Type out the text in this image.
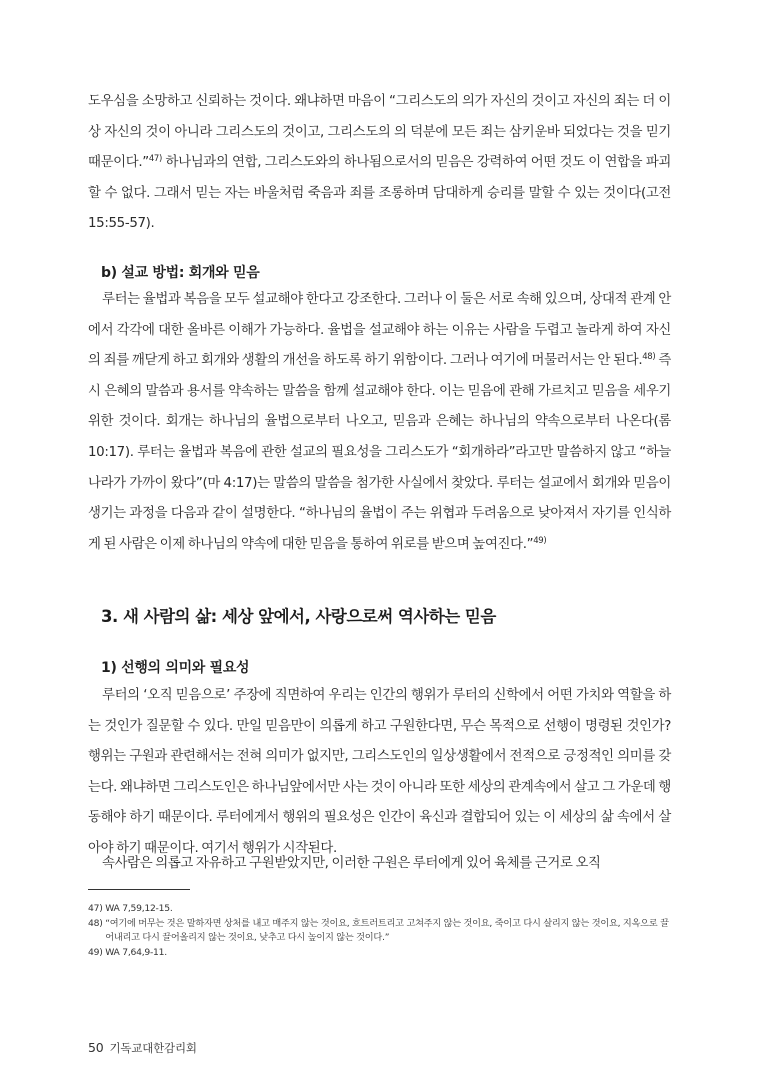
도우심을 소망하고 신뢰하는 것이다. 왜냐하면 마음이 “그리스도의 의가 자신의 것이고 자신의 죄는 더 이상 자신의 것이 아니라 그리스도의 것이고, 그리스도의 의 덕분에 모든 죄는 삼키운바 되었다는 것을 믿기 때문이다.”$^{47)}$ 하나님과의 연합, 그리스도와의 하나됨으로서의 믿음은 강력하여 어떤 것도 이 연합을 파괴할 수 없다. 그래서 믿는 자는 바울처럼 죽음과 죄를 조롱하며 담대하게 승리를 말할 수 있는 것이다(고전 15:55-57).

b) 설교 방법: 회개와 믿음

루터는 율법과 복음을 모두 설교해야 한다고 강조한다. 그러나 이 둘은 서로 속해 있으며, 상대적 관계 안에서 각각에 대한 올바른 이해가 가능하다. 율법을 설교해야 하는 이유는 사람을 두렵고 놀라게 하여 자신의 죄를 깨닫게 하고 회개와 생활의 개선을 하도록 하기 위함이다. 그러나 여기에 머물러서는 안 된다.$^{48)}$ 즉시 은혜의 말씀과 용서를 약속하는 말씀을 함께 설교해야 한다. 이는 믿음에 관해 가르치고 믿음을 세우기 위한 것이다. 회개는 하나님의 율법으로부터 나오고, 믿음과 은혜는 하나님의 약속으로부터 나온다(롬 10:17). 루터는 율법과 복음에 관한 설교의 필요성을 그리스도가 “회개하라”라고만 말씀하지 않고 “하늘나라가 가까이 왔다”(마 4:17)는 말씀의 말씀을 첨가한 사실에서 찾았다. 루터는 설교에서 회개와 믿음이 생기는 과정을 다음과 같이 설명한다. “하나님의 율법이 주는 위협과 두려움으로 낮아져서 자기를 인식하게 된 사람은 이제 하나님의 약속에 대한 믿음을 통하여 위로를 받으며 높여진다.”$^{49)}$

3. 새 사람의 삶: 세상 앞에서, 사랑으로써 역사하는 믿음
1) 선행의 의미와 필요성

루터의 ‘오직 믿음으로’ 주장에 직면하여 우리는 인간의 행위가 루터의 신학에서 어떤 가치와 역할을 하는 것인가 질문할 수 있다. 만일 믿음만이 의롭게 하고 구원한다면, 무슨 목적으로 선행이 명령된 것인가? 행위는 구원과 관련해서는 전혀 의미가 없지만, 그리스도인의 일상생활에서 전적으로 긍정적인 의미를 갖는다. 왜냐하면 그리스도인은 하나님앞에서만 사는 것이 아니라 또한 세상의 관계속에서 살고 그 가운데 행동해야 하기 때문이다. 루터에게서 행위의 필요성은 인간이 육신과 결합되어 있는 이 세상의 삶 속에서 살아야 하기 때문이다. 여기서 행위가 시작된다.

속사람은 의롭고 자유하고 구원받았지만, 이러한 구원은 루터에게 있어 육체를 근거로 오직

47)
WA 7,59,12-15.
48)
“여기에 머무는 것은 말하자면 상처를 내고 매주지 않는 것이요, 흐트러트리고 고쳐주지 않는 것이요, 죽이고 다시 살리지 않는 것이요, 지옥으로 끌어내리고 다시 끌어올리지 않는 것이요, 낮추고 다시 높이지 않는 것이다.”
49)
WA 7,64,9-11.
50 기독교대한감리회
